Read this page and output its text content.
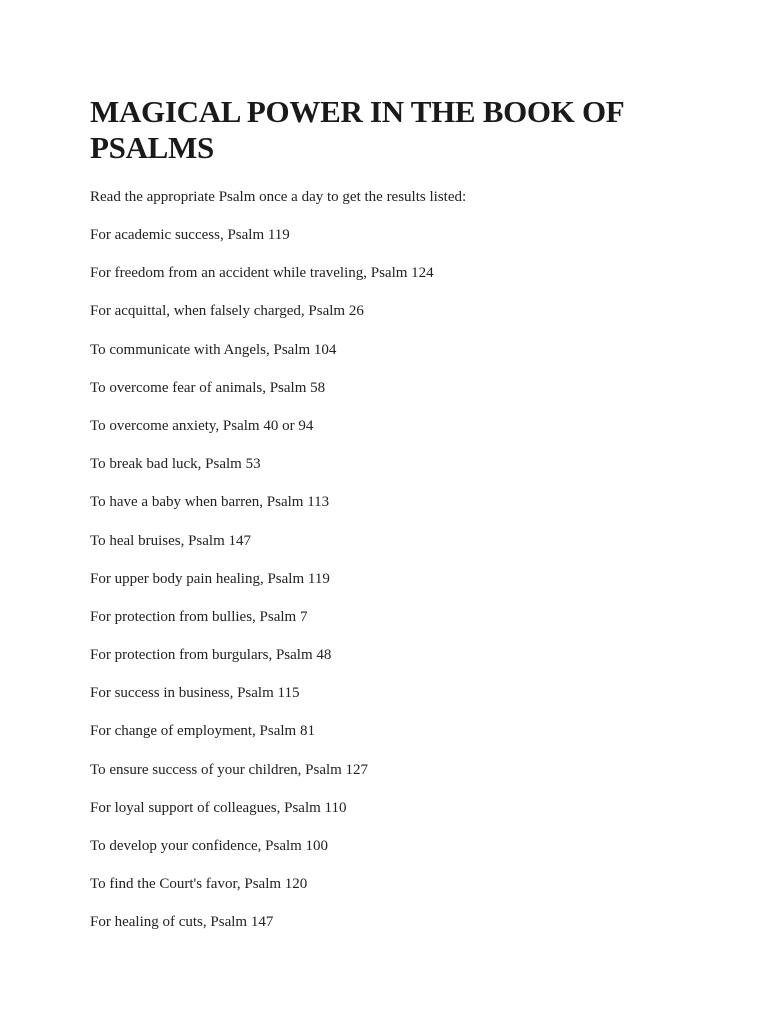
MAGICAL POWER IN THE BOOK OF PSALMS

Read the appropriate Psalm once a day to get the results listed:

For academic success, Psalm 119
For freedom from an accident while traveling, Psalm 124
For acquittal, when falsely charged, Psalm 26
To communicate with Angels, Psalm 104
To overcome fear of animals, Psalm 58
To overcome anxiety, Psalm 40 or 94
To break bad luck, Psalm 53
To have a baby when barren, Psalm 113
To heal bruises, Psalm 147
For upper body pain healing, Psalm 119
For protection from bullies, Psalm 7
For protection from burgulars, Psalm 48
For success in business, Psalm 115
For change of employment, Psalm 81
To ensure success of your children, Psalm 127
For loyal support of colleagues, Psalm 110
To develop your confidence, Psalm 100
To find the Court's favor, Psalm 120
For healing of cuts, Psalm 147
